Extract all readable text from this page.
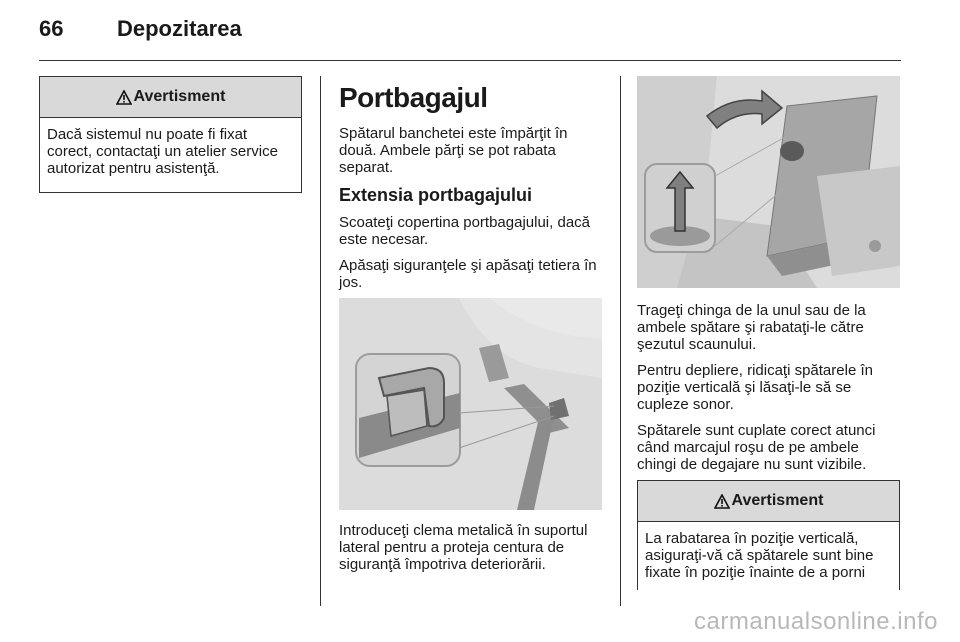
66 Depozitarea
Avertisment
Dacă sistemul nu poate fi fixat corect, contactaţi un atelier service autorizat pentru asistenţă.
Portbagajul

Spătarul banchetei este împărţit în două. Ambele părţi se pot rabata separat.

Extensia portbagajului

Scoateţi copertina portbagajului, dacă este necesar.

Apăsaţi siguranţele şi apăsaţi tetiera în jos.

Introduceţi clema metalică în suportul lateral pentru a proteja centura de siguranţă împotriva deteriorării.

Trageţi chinga de la unul sau de la ambele spătare şi rabataţi-le către şezutul scaunului.

Pentru depliere, ridicaţi spătarele în poziţie verticală şi lăsaţi-le să se cupleze sonor.

Spătarele sunt cuplate corect atunci când marcajul roşu de pe ambele chingi de degajare nu sunt vizibile.

Avertisment
La rabatarea în poziţie verticală, asiguraţi-vă că spătarele sunt bine fixate în poziţie înainte de a porni
carmanualsonline.info
